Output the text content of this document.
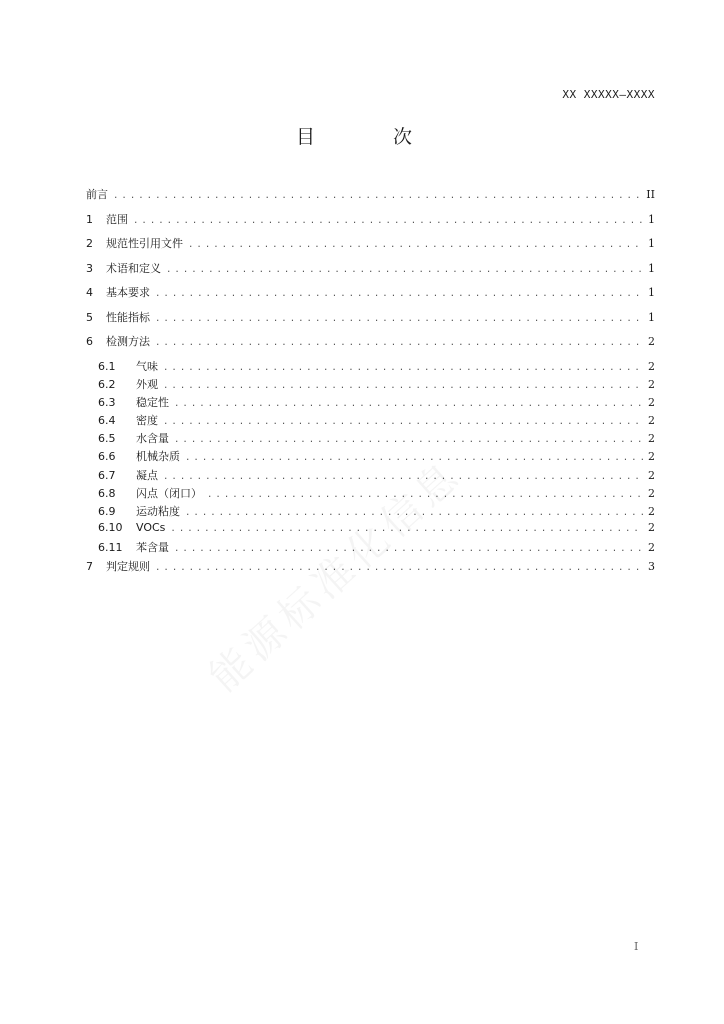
XX XXXXX—XXXX
目 次
前言 .....	II
1	范围 .....	1
2	规范性引用文件 .....	1
3	术语和定义 .....	1
4	基本要求 .....	1
5	性能指标 .....	1
6	检测方法 .....	2
6.1	气味 .....	2
6.2	外观 .....	2
6.3	稳定性 .....	2
6.4	密度 .....	2
6.5	水含量 .....	2
6.6	机械杂质 .....	2
6.7	凝点 .....	2
6.8	闪点（闭口） .....	2
6.9	运动粘度 .....	2
6.10	VOCs .....	2
6.11	苯含量 .....	2
7	判定规则 .....	3
I
